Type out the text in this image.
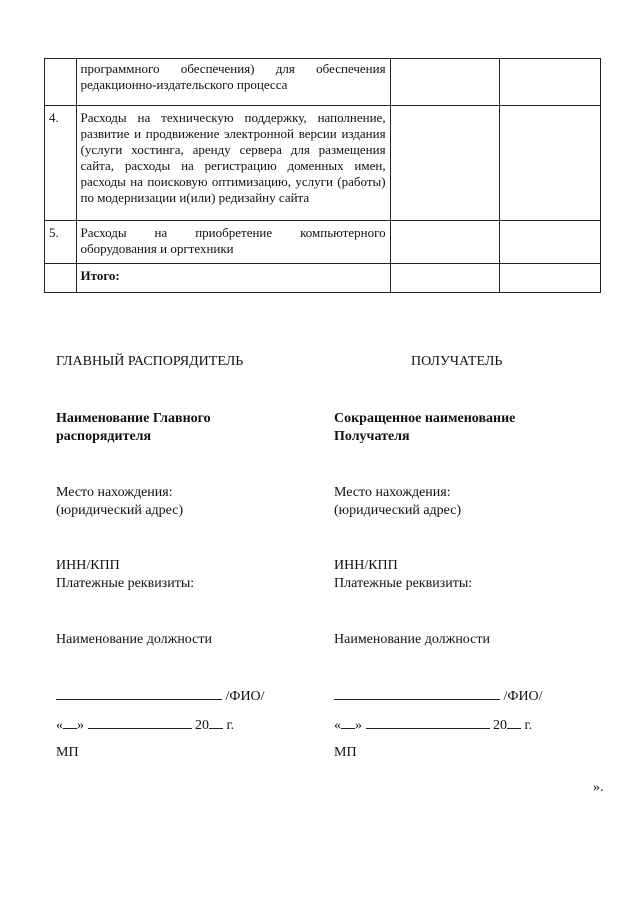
	программного обеспечения) для обеспечения редакционно-издательского процесса		
4.	Расходы на техническую поддержку, наполнение, развитие и продвижение электронной версии издания (услуги хостинга, аренду сервера для размещения сайта, расходы на регистрацию доменных имен, расходы на поисковую оптимизацию, услуги (работы) по модернизации и(или) редизайну сайта		
5.	Расходы на приобретение компьютерного оборудования и оргтехники		
	Итого:		
ГЛАВНЫЙ РАСПОРЯДИТЕЛЬ
Наименование Главного
распорядителя
Место нахождения:
(юридический адрес)
ИНН/КПП
Платежные реквизиты:
Наименование должности
/ФИО/
« »	20 г.
МП
ПОЛУЧАТЕЛЬ
Сокращенное наименование
Получателя
Место нахождения:
(юридический адрес)
ИНН/КПП
Платежные реквизиты:
Наименование должности
/ФИО/
« »	20 г.
МП
».
